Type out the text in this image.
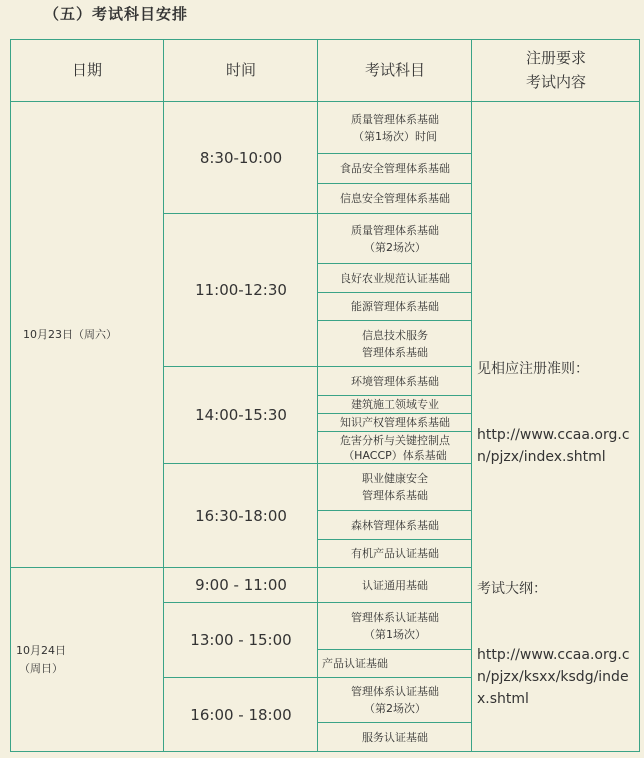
（五）考试科目安排
日期	时间	考试科目
注册要求
考试内容
10月23日（周六）
10月24日
（周日）
8:30-10:00
11:00-12:30
14:00-15:30
16:30-18:00
9:00 - 11:00
13:00 - 15:00
16:00 - 18:00
质量管理体系基础
（第1场次）时间
食品安全管理体系基础
信息安全管理体系基础
质量管理体系基础
（第2场次）
良好农业规范认证基础
能源管理体系基础
信息技术服务
管理体系基础
环境管理体系基础
建筑施工领域专业
知识产权管理体系基础
危害分析与关键控制点
（HACCP）体系基础
职业健康安全
管理体系基础
森林管理体系基础
有机产品认证基础
认证通用基础
管理体系认证基础
（第1场次）
产品认证基础
管理体系认证基础
（第2场次）
服务认证基础

见相应注册准则：

http://www.ccaa.org.cn/pjzx/index.shtml

考试大纲：

http://www.ccaa.org.cn/pjzx/ksxx/ksdg/index.shtml
